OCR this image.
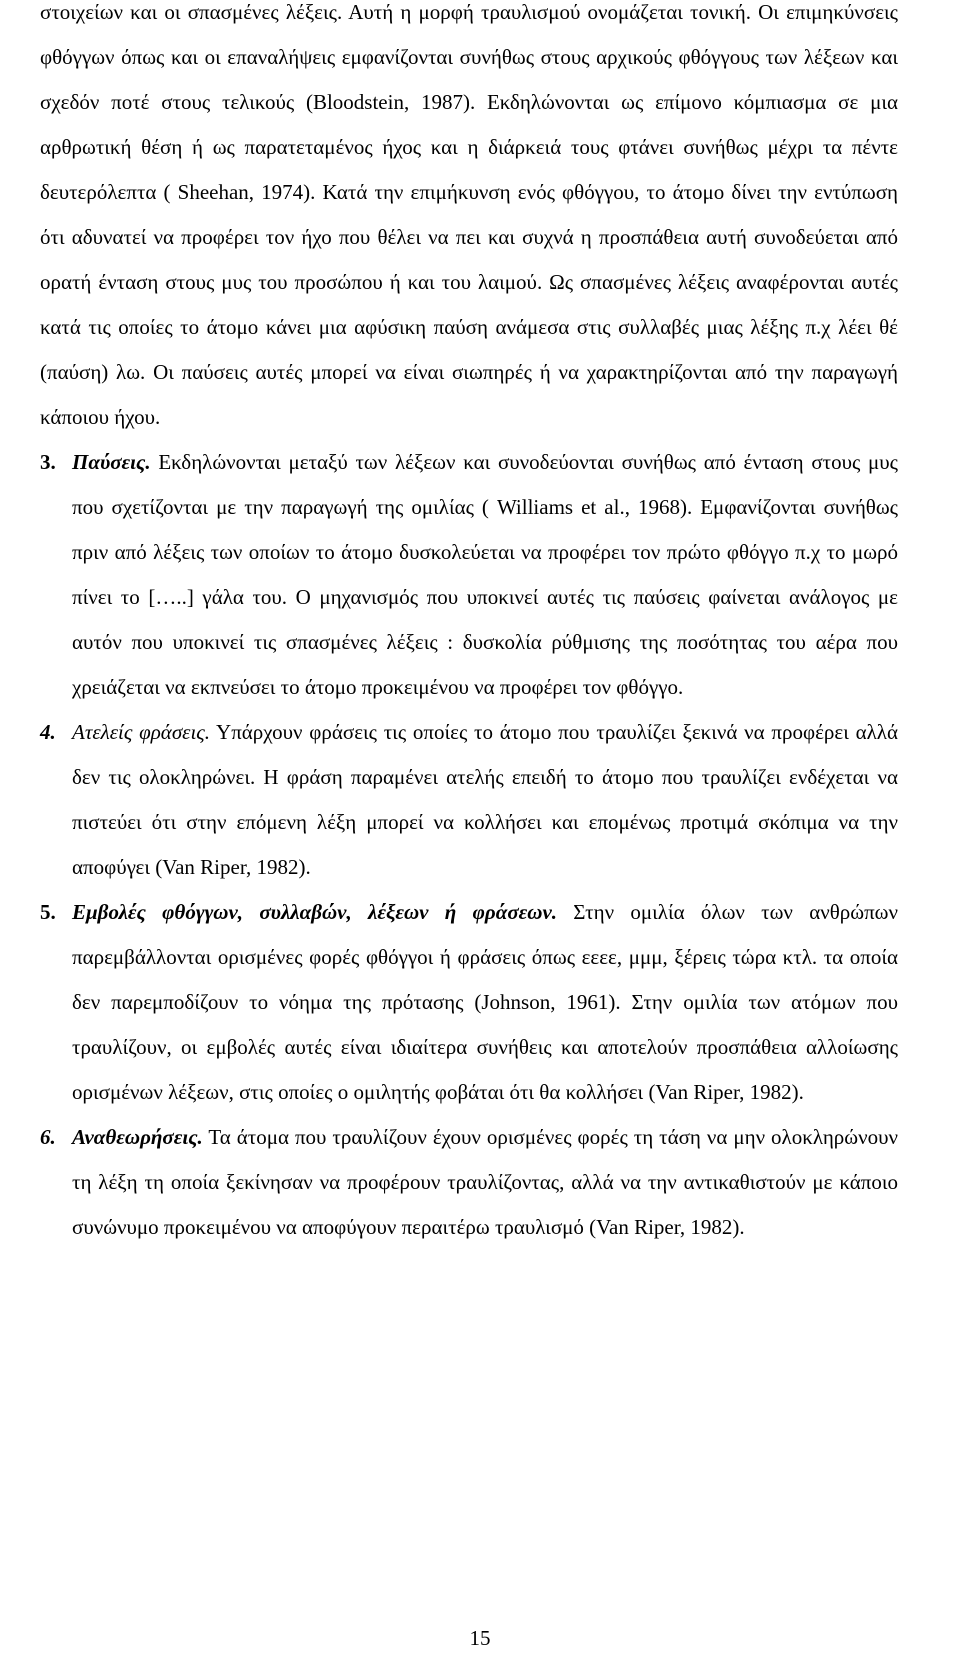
στοιχείων και οι σπασμένες λέξεις. Αυτή η μορφή τραυλισμού ονομάζεται τονική. Οι επιμηκύνσεις φθόγγων όπως και οι επαναλήψεις εμφανίζονται συνήθως στους αρχικούς φθόγγους των λέξεων και σχεδόν ποτέ στους τελικούς (Bloodstein, 1987). Εκδηλώνονται ως επίμονο κόμπιασμα σε μια αρθρωτική θέση ή ως παρατεταμένος ήχος και η διάρκειά τους φτάνει συνήθως μέχρι τα πέντε δευτερόλεπτα ( Sheehan, 1974). Κατά την επιμήκυνση ενός φθόγγου, το άτομο δίνει την εντύπωση ότι αδυνατεί να προφέρει τον ήχο που θέλει να πει και συχνά η προσπάθεια αυτή συνοδεύεται από ορατή ένταση στους μυς του προσώπου ή και του λαιμού. Ως σπασμένες λέξεις αναφέρονται αυτές κατά τις οποίες το άτομο κάνει μια αφύσικη παύση ανάμεσα στις συλλαβές μιας λέξης π.χ λέει θέ (παύση) λω. Οι παύσεις αυτές μπορεί να είναι σιωπηρές ή να χαρακτηρίζονται από την παραγωγή κάποιου ήχου.

3. Παύσεις. Εκδηλώνονται μεταξύ των λέξεων και συνοδεύονται συνήθως από ένταση στους μυς που σχετίζονται με την παραγωγή της ομιλίας ( Williams et al., 1968). Εμφανίζονται συνήθως πριν από λέξεις των οποίων το άτομο δυσκολεύεται να προφέρει τον πρώτο φθόγγο π.χ το μωρό πίνει το […..] γάλα του. Ο μηχανισμός που υποκινεί αυτές τις παύσεις φαίνεται ανάλογος με αυτόν που υποκινεί τις σπασμένες λέξεις : δυσκολία ρύθμισης της ποσότητας του αέρα που χρειάζεται να εκπνεύσει το άτομο προκειμένου να προφέρει τον φθόγγο.
4. Ατελείς φράσεις. Υπάρχουν φράσεις τις οποίες το άτομο που τραυλίζει ξεκινά να προφέρει αλλά δεν τις ολοκληρώνει. Η φράση παραμένει ατελής επειδή το άτομο που τραυλίζει ενδέχεται να πιστεύει ότι στην επόμενη λέξη μπορεί να κολλήσει και επομένως προτιμά σκόπιμα να την αποφύγει (Van Riper, 1982).
5. Εμβολές φθόγγων, συλλαβών, λέξεων ή φράσεων. Στην ομιλία όλων των ανθρώπων παρεμβάλλονται ορισμένες φορές φθόγγοι ή φράσεις όπως εεεε, μμμ, ξέρεις τώρα κτλ. τα οποία δεν παρεμποδίζουν το νόημα της πρότασης (Johnson, 1961). Στην ομιλία των ατόμων που τραυλίζουν, οι εμβολές αυτές είναι ιδιαίτερα συνήθεις και αποτελούν προσπάθεια αλλοίωσης ορισμένων λέξεων, στις οποίες ο ομιλητής φοβάται ότι θα κολλήσει (Van Riper, 1982).
6. Αναθεωρήσεις. Τα άτομα που τραυλίζουν έχουν ορισμένες φορές τη τάση να μην ολοκληρώνουν τη λέξη τη οποία ξεκίνησαν να προφέρουν τραυλίζοντας, αλλά να την αντικαθιστούν με κάποιο συνώνυμο προκειμένου να αποφύγουν περαιτέρω τραυλισμό (Van Riper, 1982).
15
